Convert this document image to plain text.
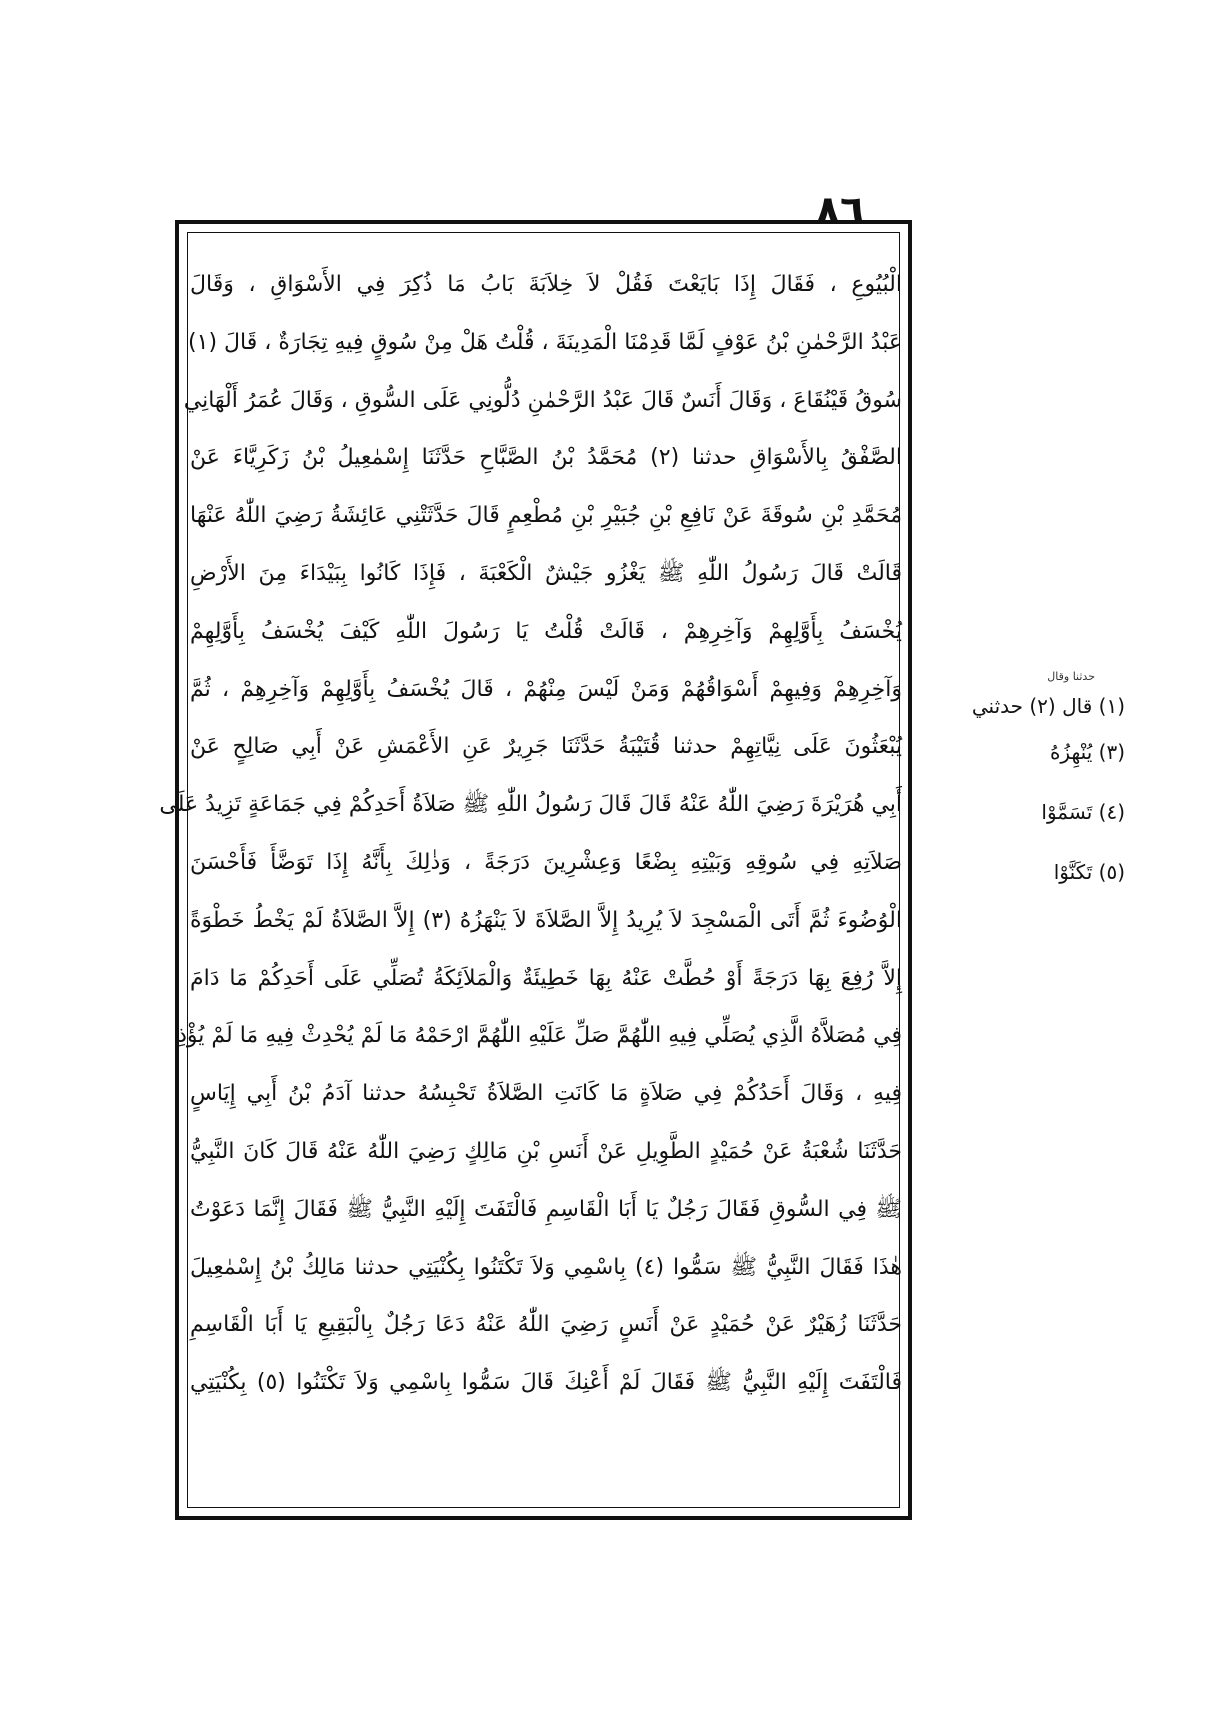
٨٦
الْبُيُوعِ ، فَقَالَ إِذَا بَايَعْتَ فَقُلْ لاَ خِلاَبَةَ بَابُ مَا ذُكِرَ فِي الأَسْوَاقِ ، وَقَالَ
عَبْدُ الرَّحْمٰنِ بْنُ عَوْفٍ لَمَّا قَدِمْنَا الْمَدِينَةَ ، قُلْتُ هَلْ مِنْ سُوقٍ فِيهِ تِجَارَةٌ ، قَالَ (١)
سُوقُ قَيْنُقَاعَ ، وَقَالَ أَنَسٌ قَالَ عَبْدُ الرَّحْمٰنِ دُلُّونِي عَلَى السُّوقِ ، وَقَالَ عُمَرُ أَلْهَانِي
الصَّفْقُ بِالأَسْوَاقِ حدثنا (٢) مُحَمَّدُ بْنُ الصَّبَّاحِ حَدَّثَنَا إِسْمٰعِيلُ بْنُ زَكَرِيَّاءَ عَنْ
مُحَمَّدِ بْنِ سُوقَةَ عَنْ نَافِعِ بْنِ جُبَيْرِ بْنِ مُطْعِمٍ قَالَ حَدَّثَتْنِي عَائِشَةُ رَضِيَ اللّٰهُ عَنْهَا
قَالَتْ قَالَ رَسُولُ اللّٰهِ ﷺ يَغْزُو جَيْشٌ الْكَعْبَةَ ، فَإِذَا كَانُوا بِبَيْدَاءَ مِنَ الأَرْضِ
يُخْسَفُ بِأَوَّلِهِمْ وَآخِرِهِمْ ، قَالَتْ قُلْتُ يَا رَسُولَ اللّٰهِ كَيْفَ يُخْسَفُ بِأَوَّلِهِمْ
وَآخِرِهِمْ وَفِيهِمْ أَسْوَاقُهُمْ وَمَنْ لَيْسَ مِنْهُمْ ، قَالَ يُخْسَفُ بِأَوَّلِهِمْ وَآخِرِهِمْ ، ثُمَّ
يُبْعَثُونَ عَلَى نِيَّاتِهِمْ حدثنا قُتَيْبَةُ حَدَّثَنَا جَرِيرٌ عَنِ الأَعْمَشِ عَنْ أَبِي صَالِحٍ عَنْ
أَبِي هُرَيْرَةَ رَضِيَ اللّٰهُ عَنْهُ قَالَ قَالَ رَسُولُ اللّٰهِ ﷺ صَلاَةُ أَحَدِكُمْ فِي جَمَاعَةٍ تَزِيدُ عَلَى
صَلاَتِهِ فِي سُوقِهِ وَبَيْتِهِ بِضْعًا وَعِشْرِينَ دَرَجَةً ، وَذٰلِكَ بِأَنَّهُ إِذَا تَوَضَّأَ فَأَحْسَنَ
الْوُضُوءَ ثُمَّ أَتَى الْمَسْجِدَ لاَ يُرِيدُ إِلاَّ الصَّلاَةَ لاَ يَنْهَزُهُ (٣) إِلاَّ الصَّلاَةُ لَمْ يَخْطُ خَطْوَةً
إِلاَّ رُفِعَ بِهَا دَرَجَةً أَوْ حُطَّتْ عَنْهُ بِهَا خَطِيئَةٌ وَالْمَلاَئِكَةُ تُصَلِّي عَلَى أَحَدِكُمْ مَا دَامَ
فِي مُصَلاَّهُ الَّذِي يُصَلِّي فِيهِ اللّٰهُمَّ صَلِّ عَلَيْهِ اللّٰهُمَّ ارْحَمْهُ مَا لَمْ يُحْدِثْ فِيهِ مَا لَمْ يُؤْذِ
فِيهِ ، وَقَالَ أَحَدُكُمْ فِي صَلاَةٍ مَا كَانَتِ الصَّلاَةُ تَحْبِسُهُ حدثنا آدَمُ بْنُ أَبِي إِيَاسٍ
حَدَّثَنَا شُعْبَةُ عَنْ حُمَيْدٍ الطَّوِيلِ عَنْ أَنَسِ بْنِ مَالِكٍ رَضِيَ اللّٰهُ عَنْهُ قَالَ كَانَ النَّبِيُّ
ﷺ فِي السُّوقِ فَقَالَ رَجُلٌ يَا أَبَا الْقَاسِمِ فَالْتَفَتَ إِلَيْهِ النَّبِيُّ ﷺ فَقَالَ إِنَّمَا دَعَوْتُ
هٰذَا فَقَالَ النَّبِيُّ ﷺ سَمُّوا (٤) بِاسْمِي وَلاَ تَكْتَنُوا بِكُنْيَتِي حدثنا مَالِكُ بْنُ إِسْمٰعِيلَ
حَدَّثَنَا زُهَيْرٌ عَنْ حُمَيْدٍ عَنْ أَنَسٍ رَضِيَ اللّٰهُ عَنْهُ دَعَا رَجُلٌ بِالْبَقِيعِ يَا أَبَا الْقَاسِمِ
فَالْتَفَتَ إِلَيْهِ النَّبِيُّ ﷺ فَقَالَ لَمْ أَعْنِكَ قَالَ سَمُّوا بِاسْمِي وَلاَ تَكْتَنُوا (٥) بِكُنْيَتِي
حدثنا وقال
(١) قال (٢) حدثني
(٣) يُنْهِزُهُ
(٤) تَسَمَّوْا
(٥) تَكَنَّوْا
